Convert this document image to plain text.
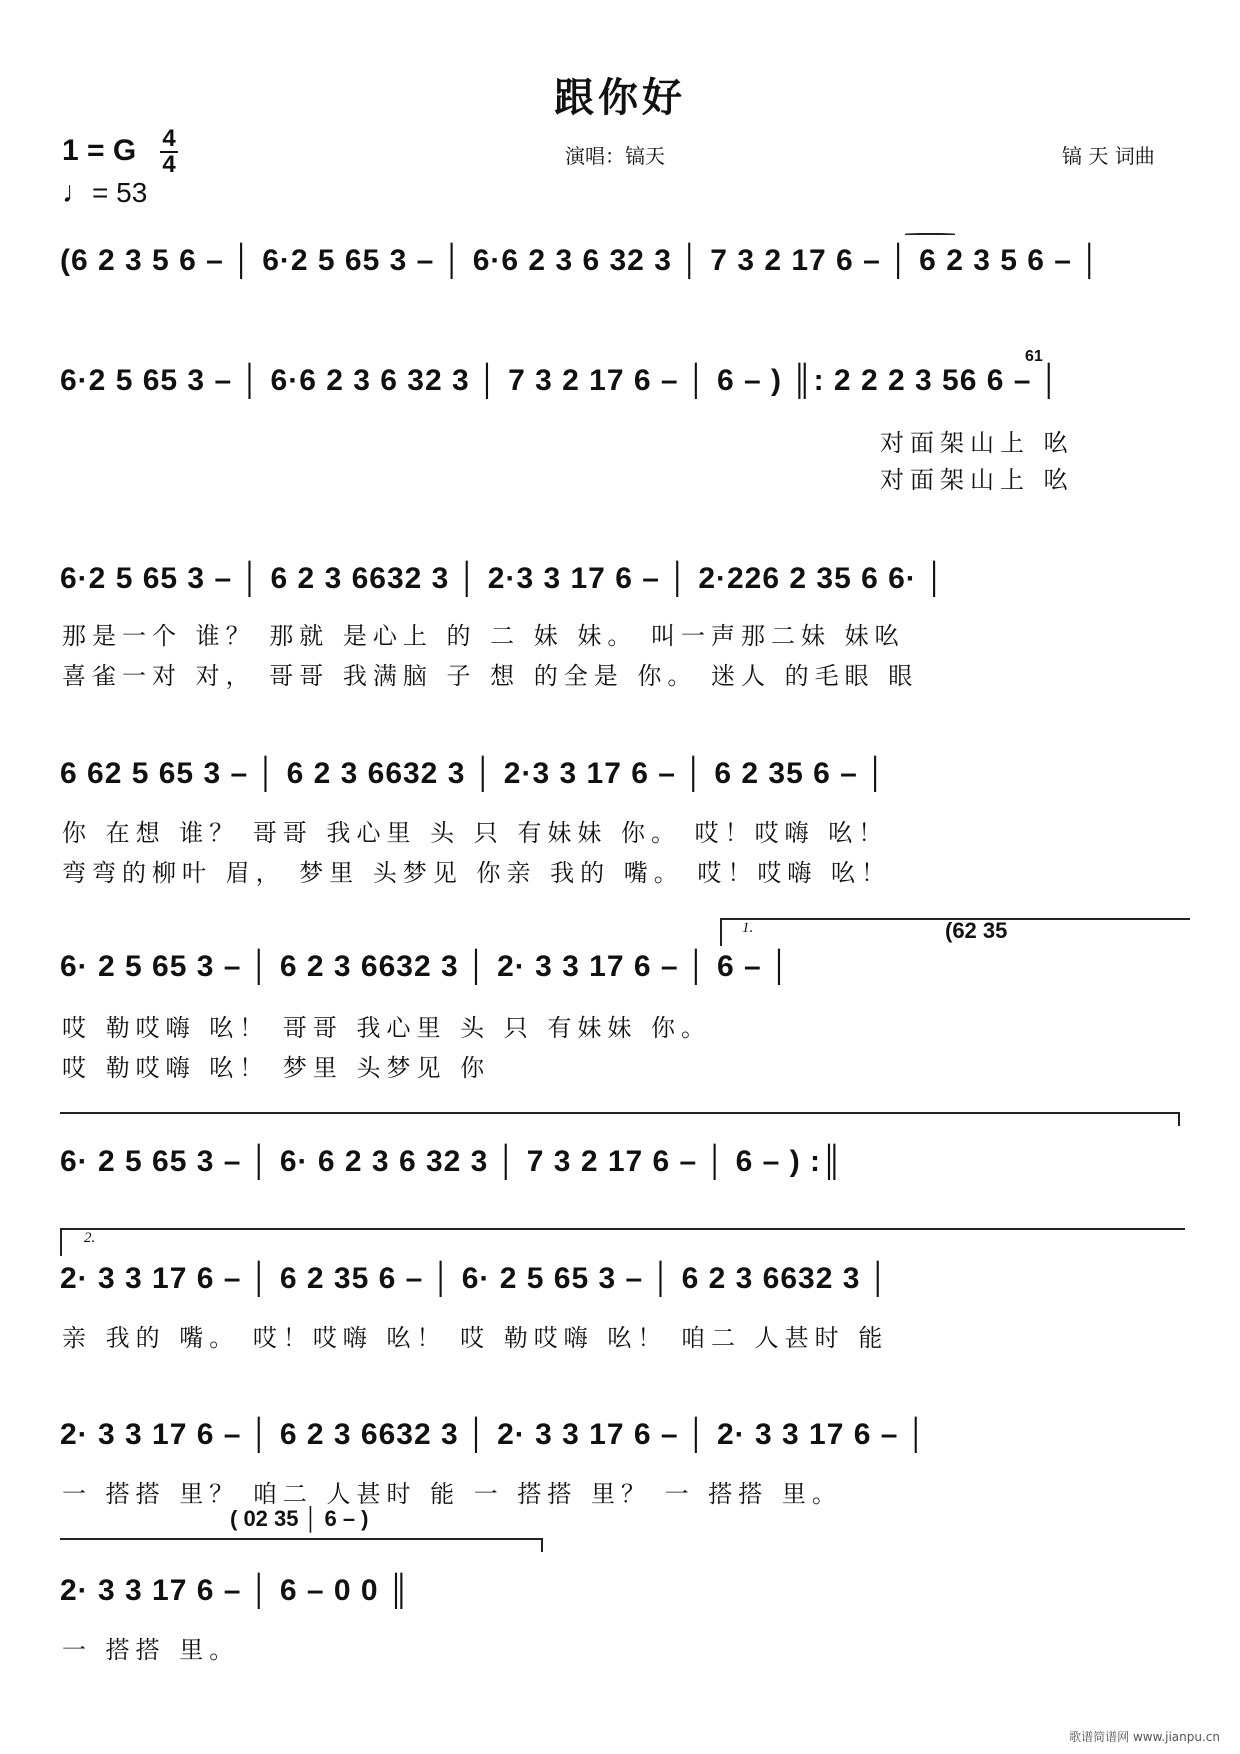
跟你好
1 = G 4
4
♩= 53
演唱：镐天	镐 天 词曲
(6 2 3 5 6 – │ 6·2 5 65 3 – │ 6·6 2 3 6 32 3 │ 7 3 2 17 6 – │ 6 2 3 5 6 – │
6·2 5 65 3 – │ 6·6 2 3 6 32 3 │ 7 3 2 17 6 – │ 6 – ) ║: 2 2 2 3 56 6 – │
61
对面架山上 吆
对面架山上 吆
6·2 5 65 3 – │ 6 2 3 6632 3 │ 2·3 3 17 6 – │ 2·226 2 35 6 6· │
那是一个 谁？ 那就 是心上 的 二 妹 妹。 叫一声那二妹 妹吆
喜雀一对 对， 哥哥 我满脑 子 想 的全是 你。 迷人 的毛眼 眼
6 62 5 65 3 – │ 6 2 3 6632 3 │ 2·3 3 17 6 – │ 6 2 35 6 – │
你 在想 谁？ 哥哥 我心里 头 只 有妹妹 你。 哎！哎嗨 吆！
弯弯的柳叶 眉， 梦里 头梦见 你亲 我的 嘴。 哎！哎嗨 吆！
1.	(62 35
6· 2 5 65 3 – │ 6 2 3 6632 3 │ 2· 3 3 17 6 – │ 6 – │
哎 勒哎嗨 吆！ 哥哥 我心里 头 只 有妹妹 你。
哎 勒哎嗨 吆！ 梦里 头梦见 你
6· 2 5 65 3 – │ 6· 6 2 3 6 32 3 │ 7 3 2 17 6 – │ 6 – ) :║
2.
2· 3 3 17 6 – │ 6 2 35 6 – │ 6· 2 5 65 3 – │ 6 2 3 6632 3 │
亲 我的 嘴。 哎！哎嗨 吆！ 哎 勒哎嗨 吆！ 咱二 人甚时 能
2· 3 3 17 6 – │ 6 2 3 6632 3 │ 2· 3 3 17 6 – │ 2· 3 3 17 6 – │
一 搭搭 里？ 咱二 人甚时 能 一 搭搭 里？ 一 搭搭 里。
( 02 35 │ 6 – )
2· 3 3 17 6 – │ 6 – 0 0 ║
一 搭搭 里。
歌谱简谱网 www.jianpu.cn
